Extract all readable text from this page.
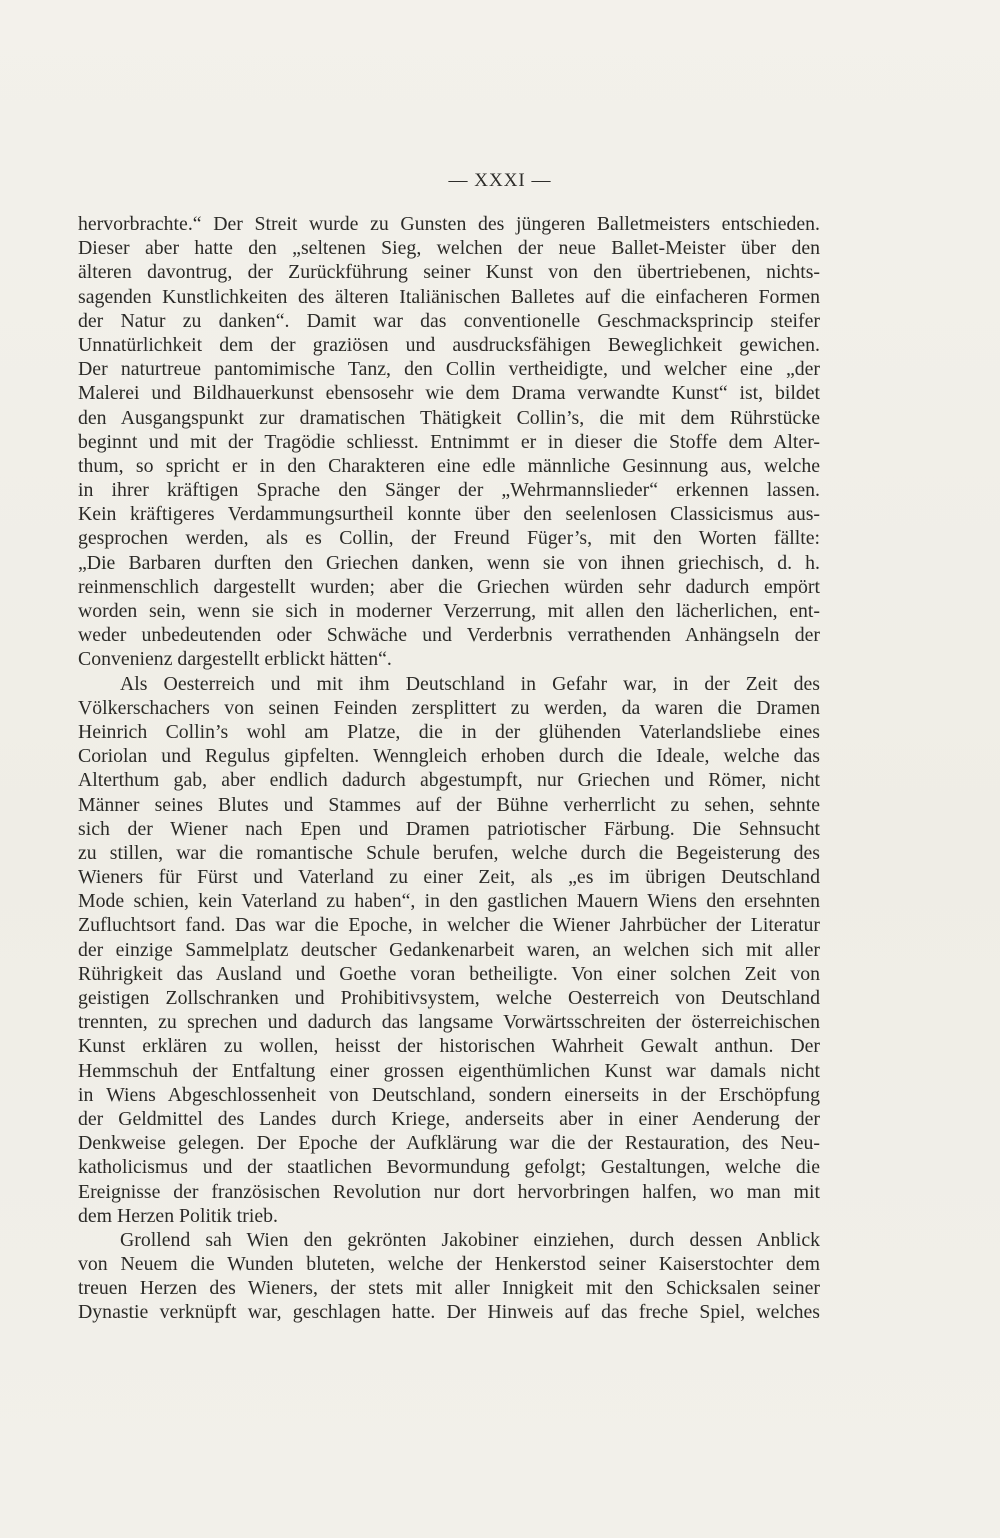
— XXXI —
hervorbrachte.“ Der Streit wurde zu Gunsten des jüngeren Balletmeisters entschieden.
Dieser aber hatte den „seltenen Sieg, welchen der neue Ballet-Meister über den
älteren davontrug, der Zurückführung seiner Kunst von den übertriebenen, nichts-
sagenden Kunstlichkeiten des älteren Italiänischen Balletes auf die einfacheren Formen
der Natur zu danken“. Damit war das conventionelle Geschmacksprincip steifer
Unnatürlichkeit dem der graziösen und ausdrucksfähigen Beweglichkeit gewichen.
Der naturtreue pantomimische Tanz, den Collin vertheidigte, und welcher eine „der
Malerei und Bildhauerkunst ebensosehr wie dem Drama verwandte Kunst“ ist, bildet
den Ausgangspunkt zur dramatischen Thätigkeit Collin’s, die mit dem Rührstücke
beginnt und mit der Tragödie schliesst. Entnimmt er in dieser die Stoffe dem Alter-
thum, so spricht er in den Charakteren eine edle männliche Gesinnung aus, welche
in ihrer kräftigen Sprache den Sänger der „Wehrmannslieder“ erkennen lassen.
Kein kräftigeres Verdammungsurtheil konnte über den seelenlosen Classicismus aus-
gesprochen werden, als es Collin, der Freund Füger’s, mit den Worten fällte:
„Die Barbaren durften den Griechen danken, wenn sie von ihnen griechisch, d. h.
reinmenschlich dargestellt wurden; aber die Griechen würden sehr dadurch empört
worden sein, wenn sie sich in moderner Verzerrung, mit allen den lächerlichen, ent-
weder unbedeutenden oder Schwäche und Verderbnis verrathenden Anhängseln der
Convenienz dargestellt erblickt hätten“.
Als Oesterreich und mit ihm Deutschland in Gefahr war, in der Zeit des
Völkerschachers von seinen Feinden zersplittert zu werden, da waren die Dramen
Heinrich Collin’s wohl am Platze, die in der glühenden Vaterlandsliebe eines
Coriolan und Regulus gipfelten. Wenngleich erhoben durch die Ideale, welche das
Alterthum gab, aber endlich dadurch abgestumpft, nur Griechen und Römer, nicht
Männer seines Blutes und Stammes auf der Bühne verherrlicht zu sehen, sehnte
sich der Wiener nach Epen und Dramen patriotischer Färbung. Die Sehnsucht
zu stillen, war die romantische Schule berufen, welche durch die Begeisterung des
Wieners für Fürst und Vaterland zu einer Zeit, als „es im übrigen Deutschland
Mode schien, kein Vaterland zu haben“, in den gastlichen Mauern Wiens den ersehnten
Zufluchtsort fand. Das war die Epoche, in welcher die Wiener Jahrbücher der Literatur
der einzige Sammelplatz deutscher Gedankenarbeit waren, an welchen sich mit aller
Rührigkeit das Ausland und Goethe voran betheiligte. Von einer solchen Zeit von
geistigen Zollschranken und Prohibitivsystem, welche Oesterreich von Deutschland
trennten, zu sprechen und dadurch das langsame Vorwärtsschreiten der österreichischen
Kunst erklären zu wollen, heisst der historischen Wahrheit Gewalt anthun. Der
Hemmschuh der Entfaltung einer grossen eigenthümlichen Kunst war damals nicht
in Wiens Abgeschlossenheit von Deutschland, sondern einerseits in der Erschöpfung
der Geldmittel des Landes durch Kriege, anderseits aber in einer Aenderung der
Denkweise gelegen. Der Epoche der Aufklärung war die der Restauration, des Neu-
katholicismus und der staatlichen Bevormundung gefolgt; Gestaltungen, welche die
Ereignisse der französischen Revolution nur dort hervorbringen halfen, wo man mit
dem Herzen Politik trieb.
Grollend sah Wien den gekrönten Jakobiner einziehen, durch dessen Anblick
von Neuem die Wunden bluteten, welche der Henkerstod seiner Kaiserstochter dem
treuen Herzen des Wieners, der stets mit aller Innigkeit mit den Schicksalen seiner
Dynastie verknüpft war, geschlagen hatte. Der Hinweis auf das freche Spiel, welches
